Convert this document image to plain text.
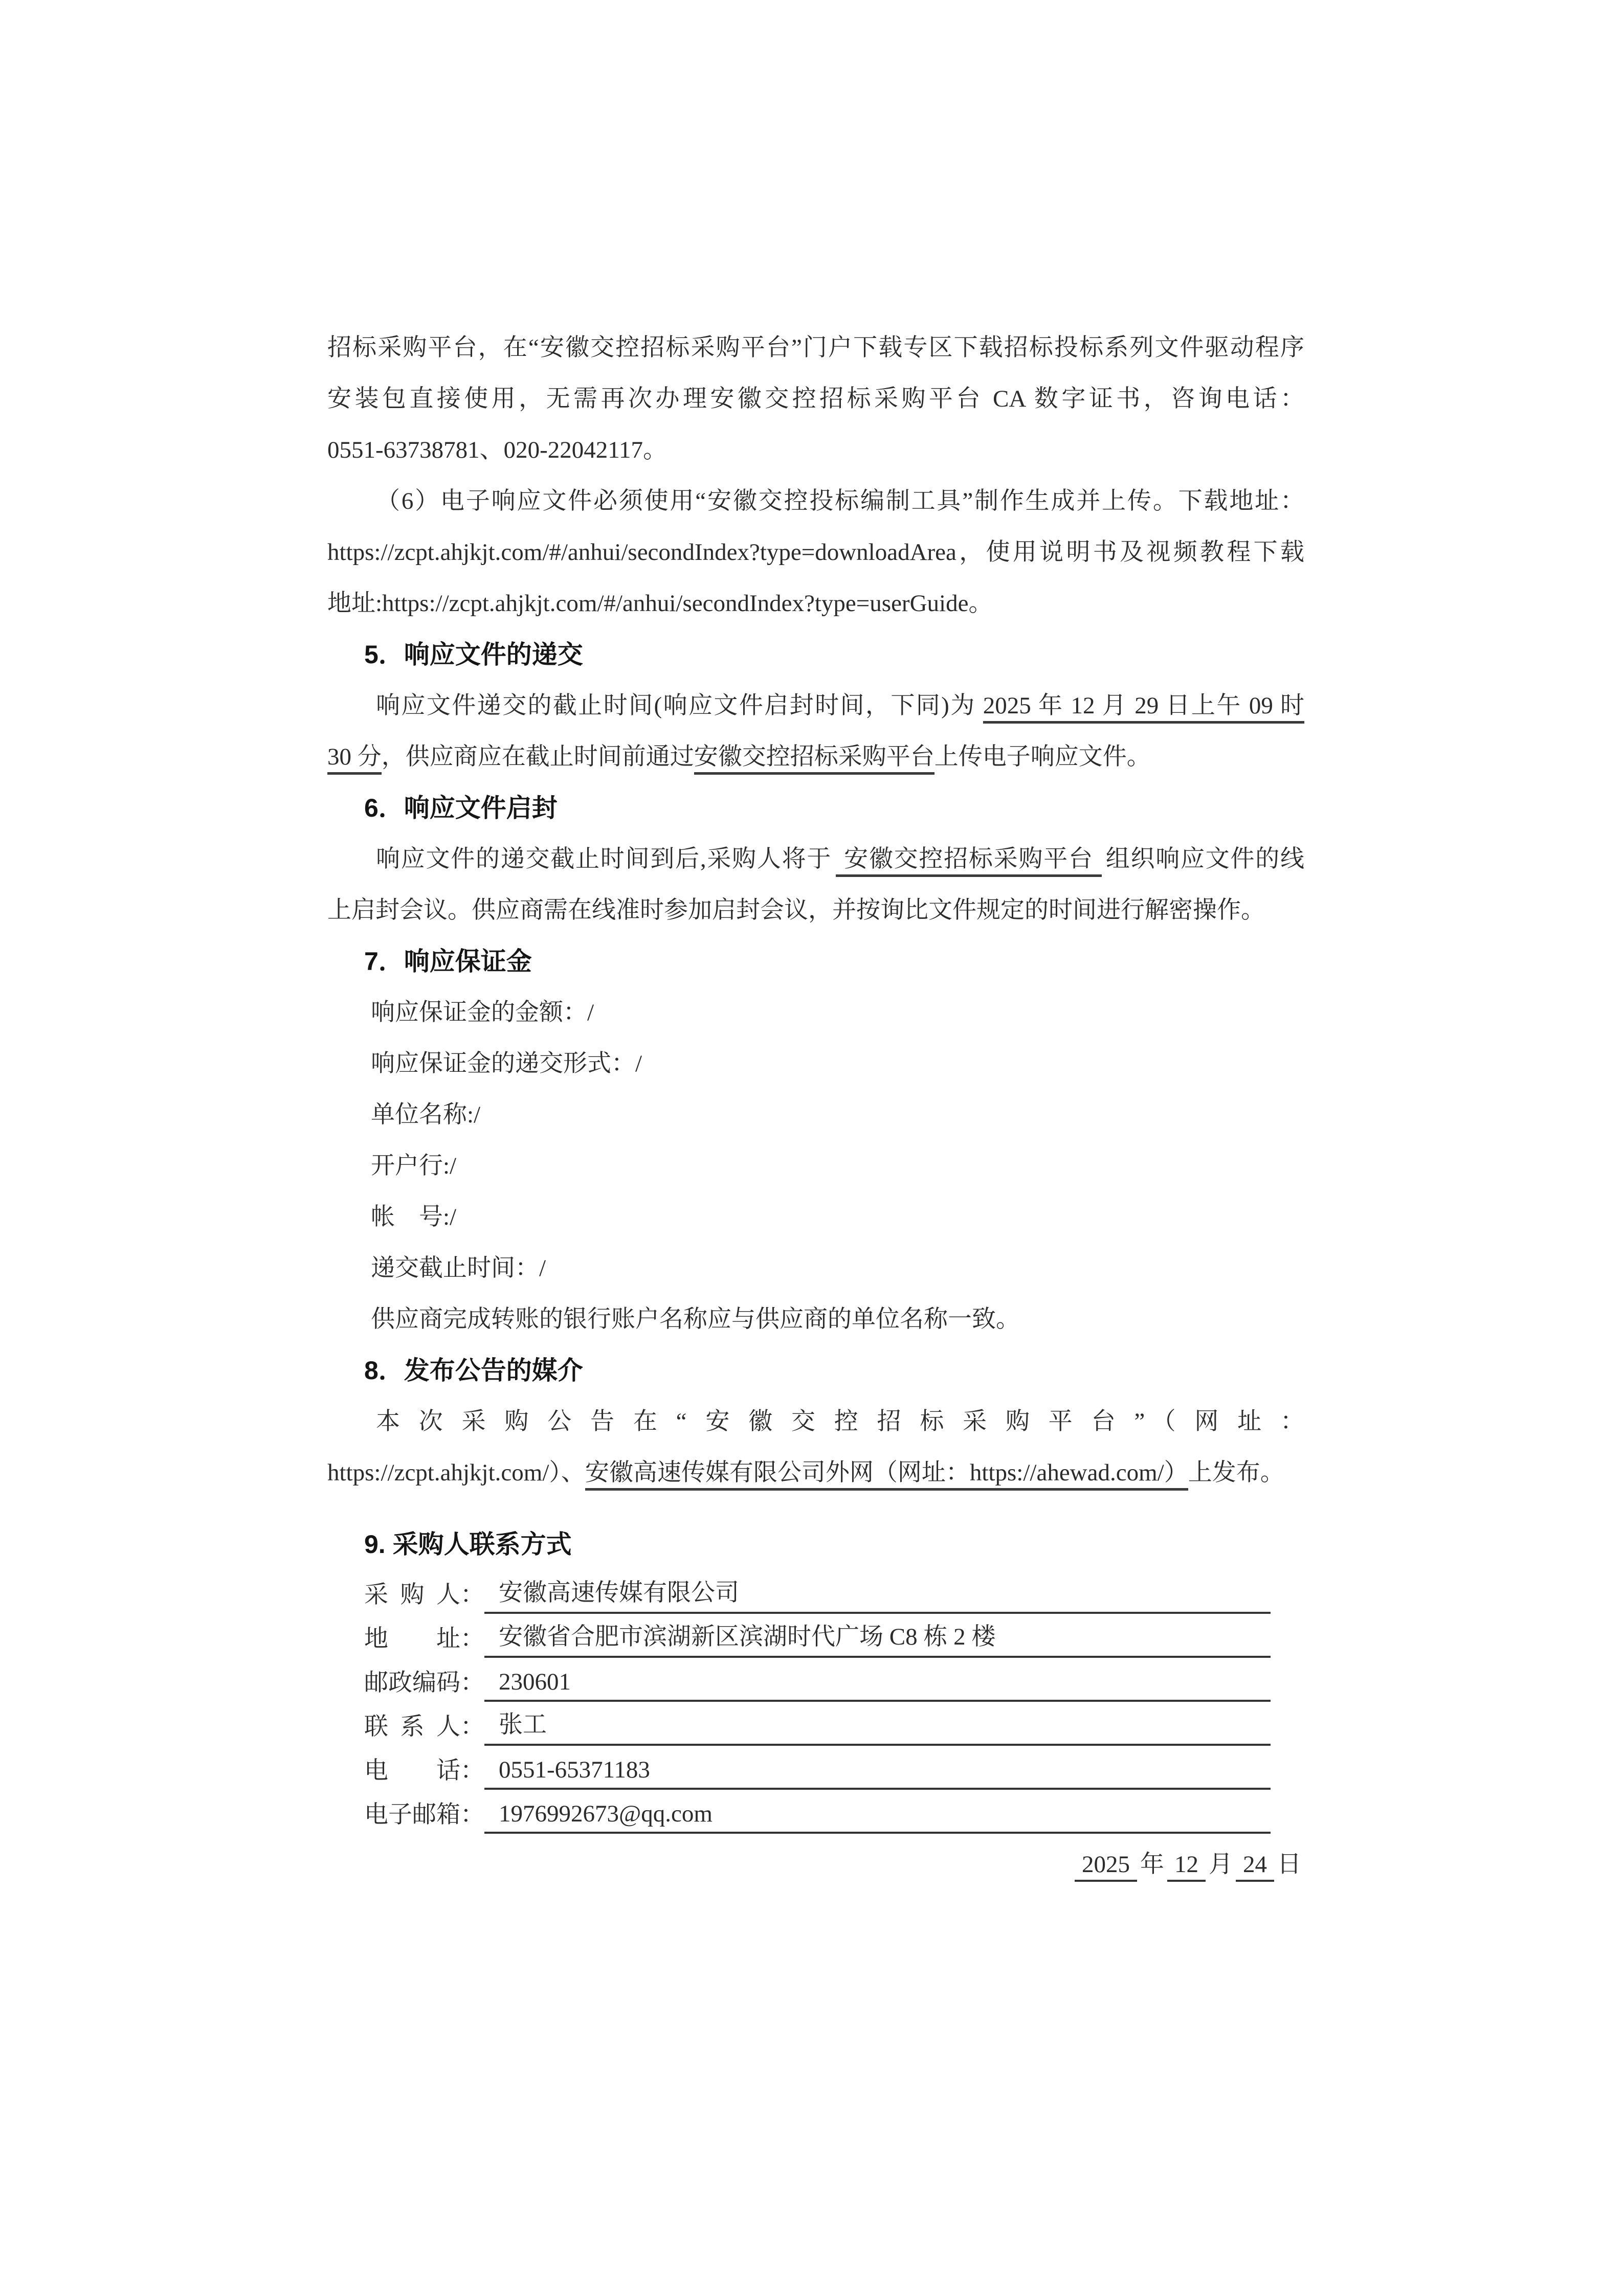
招标采购平台，在“安徽交控招标采购平台”门户下载专区下载招标投标系列文件驱动程序
安装包直接使用，无需再次办理安徽交控招标采购平台 CA 数字证书，咨询电话：
0551-63738781、020-22042117。
（6）电子响应文件必须使用“安徽交控投标编制工具”制作生成并上传。下载地址：
https://zcpt.ahjkjt.com/#/anhui/secondIndex?type=downloadArea，使用说明书及视频教程下载
地址:https://zcpt.ahjkjt.com/#/anhui/secondIndex?type=userGuide。
5．响应文件的递交
响应文件递交的截止时间(响应文件启封时间，下同)为 2025 年 12 月 29 日上午 09 时
30 分，供应商应在截止时间前通过安徽交控招标采购平台上传电子响应文件。
6．响应文件启封
响应文件的递交截止时间到后,采购人将于 安徽交控招标采购平台 组织响应文件的线
上启封会议。供应商需在线准时参加启封会议，并按询比文件规定的时间进行解密操作。
7．响应保证金
响应保证金的金额：/
响应保证金的递交形式：/
单位名称:/
开户行:/
帐　号:/
递交截止时间：/
供应商完成转账的银行账户名称应与供应商的单位名称一致。
8．发布公告的媒介
本次采购公告在“安徽交控招标采购平台”（网址：
https://zcpt.ahjkjt.com/）、安徽高速传媒有限公司外网（网址：https://ahewad.com/）上发布。
9. 采购人联系方式
采购人： 安徽高速传媒有限公司
地址： 安徽省合肥市滨湖新区滨湖时代广场 C8 栋 2 楼
邮政编码： 230601
联系人： 张工
电话： 0551-65371183
电子邮箱： 1976992673@qq.com
2025 年 12 月 24 日
